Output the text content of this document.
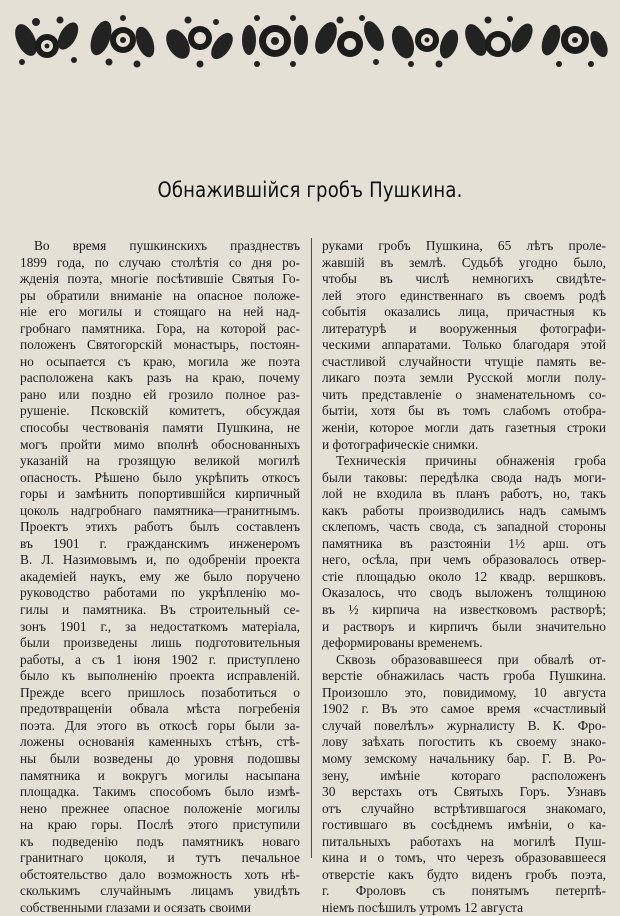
Обнажившійся гробъ Пушкина.
Во время пушкинскихъ празднествъ
1899 года, по случаю столѣтія со дня ро-
жденія поэта, многіе посѣтившіе Святыя Го-
ры обратили вниманіе на опасное положе-
ніе его могилы и стоящаго на ней над-
гробнаго памятника. Гора, на которой рас-
положенъ Святогорскій монастырь, постоян-
но осыпается съ краю, могила же поэта
расположена какъ разъ на краю, почему
рано или поздно ей грозило полное раз-
рушеніе. Псковскій комитетъ, обсуждая
способы чествованія памяти Пушкина, не
могъ пройти мимо вполнѣ обоснованныхъ
указаній на грозящую великой могилѣ
опасность. Рѣшено было укрѣпить откосъ
горы и замѣнить попортившійся кирпичный
цоколь надгробнаго памятника—гранитнымъ.
Проектъ этихъ работъ былъ составленъ
въ 1901 г. гражданскимъ инженеромъ
В. Л. Назимовымъ и, по одобреніи проекта
академіей наукъ, ему же было поручено
руководство работами по укрѣпленію мо-
гилы и памятника. Въ строительный се-
зонъ 1901 г., за недостаткомъ матеріала,
были произведены лишь подготовительныя
работы, а съ 1 іюня 1902 г. приступлено
было къ выполненію проекта исправленій.
Прежде всего пришлось позаботиться о
предотвращеніи обвала мѣста погребенія
поэта. Для этого въ откосѣ горы были за-
ложены основанія каменныхъ стѣнъ, стѣ-
ны были возведены до уровня подошвы
памятника и вокругъ могилы насыпана
площадка. Такимъ способомъ было измѣ-
нено прежнее опасное положеніе могилы
на краю горы. Послѣ этого приступили
къ подведенію подъ памятникъ новаго
гранитнаго цоколя, и тутъ печальное
обстоятельство дало возможность хоть нѣ-
сколькимъ случайнымъ лицамъ увидѣть
собственными глазами и осязать своими
руками гробъ Пушкина, 65 лѣтъ проле-
жавшій въ землѣ. Судьбѣ угодно было,
чтобы въ числѣ немногихъ свидѣте-
лей этого единственнаго въ своемъ родѣ
событія оказались лица, причастныя къ
литературѣ и вооруженныя фотографи-
ческими аппаратами. Только благодаря этой
счастливой случайности чтущіе память ве-
ликаго поэта земли Русской могли полу-
чить представленіе о знаменательномъ со-
бытіи, хотя бы въ томъ слабомъ отобра-
женіи, которое могли дать газетныя строки
и фотографическіе снимки.
Техническія причины обнаженія гроба
были таковы: передѣлка свода надъ моги-
лой не входила въ планъ работъ, но, такъ
какъ работы производились надъ самымъ
склепомъ, часть свода, съ западной стороны
памятника въ разстояніи 1½ арш. отъ
него, осѣла, при чемъ образовалось отвер-
стіе площадью около 12 квадр. вершковъ.
Оказалось, что сводъ выложенъ толщиною
въ ½ кирпича на известковомъ растворѣ;
и растворъ и кирпичъ были значительно
деформированы временемъ.
Сквозь образовавшееся при обвалѣ от-
верстіе обнажилась часть гроба Пушкина.
Произошло это, повидимому, 10 августа
1902 г. Въ это самое время «счастливый
случай повелѣлъ» журналисту В. К. Фро-
лову заѣхать погостить къ своему знако-
мому земскому начальнику бар. Г. В. Ро-
зену, имѣніе котораго расположенъ
30 верстахъ отъ Святыхъ Горъ. Узнавъ
отъ случайно встрѣтившагося знакомаго,
гостившаго въ сосѣднемъ имѣніи, о ка-
питальныхъ работахъ на могилѣ Пуш-
кина и о томъ, что черезъ образовавшееся
отверстіе какъ будто виденъ гробъ поэта,
г. Фроловъ съ понятымъ петерпѣ-
ніемъ посѣшилъ утромъ 12 августа
